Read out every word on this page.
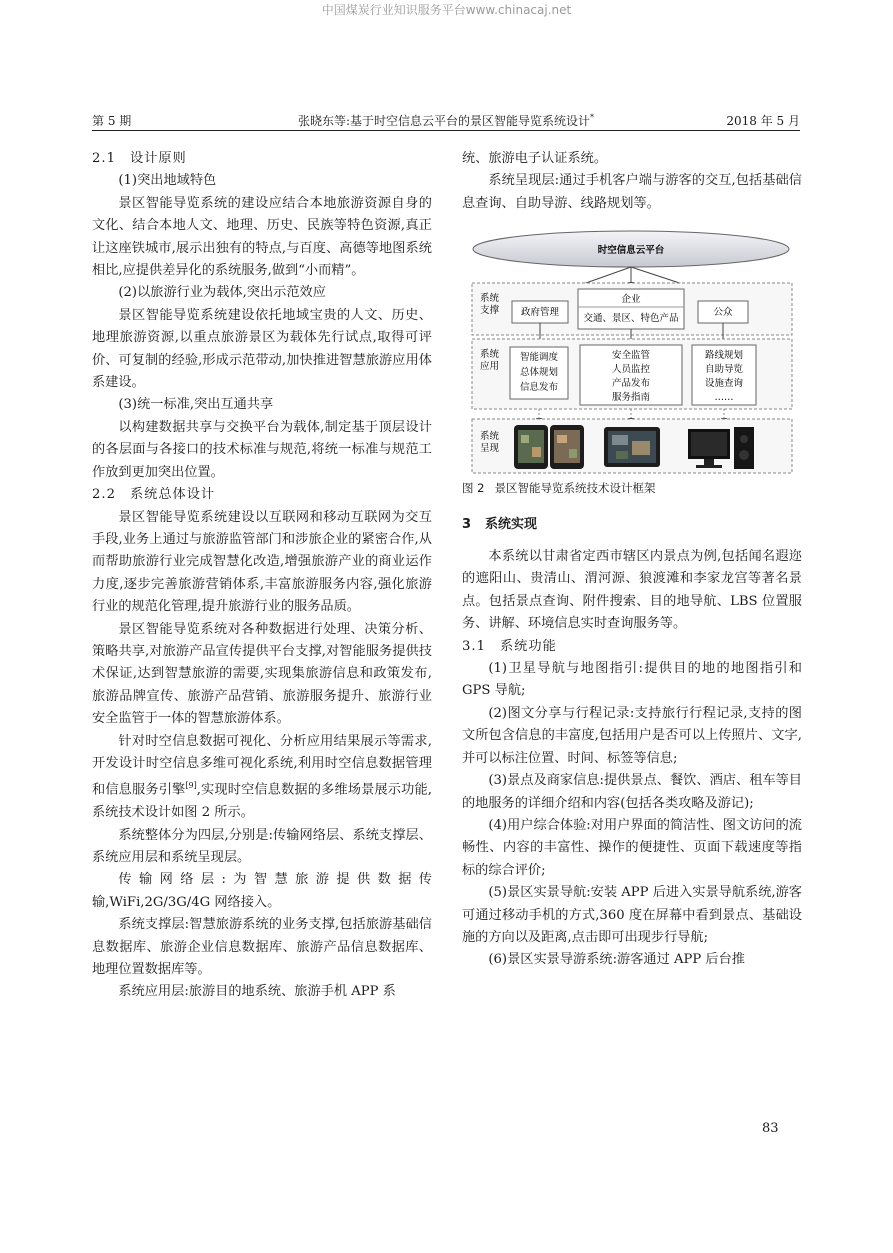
中国煤炭行业知识服务平台www.chinacaj.net
第 5 期	张晓东等:基于时空信息云平台的景区智能导览系统设计*	2018 年 5 月

2.1 设计原则

(1)突出地域特色

景区智能导览系统的建设应结合本地旅游资源自身的文化、结合本地人文、地理、历史、民族等特色资源,真正让这座铁城市,展示出独有的特点,与百度、高德等地图系统相比,应提供差异化的系统服务,做到“小而精”。

(2)以旅游行业为载体,突出示范效应

景区智能导览系统建设依托地域宝贵的人文、历史、地理旅游资源,以重点旅游景区为载体先行试点,取得可评价、可复制的经验,形成示范带动,加快推进智慧旅游应用体系建设。

(3)统一标准,突出互通共享

以构建数据共享与交换平台为载体,制定基于顶层设计的各层面与各接口的技术标准与规范,将统一标准与规范工作放到更加突出位置。

2.2 系统总体设计

景区智能导览系统建设以互联网和移动互联网为交互手段,业务上通过与旅游监管部门和涉旅企业的紧密合作,从而帮助旅游行业完成智慧化改造,增强旅游产业的商业运作力度,逐步完善旅游营销体系,丰富旅游服务内容,强化旅游行业的规范化管理,提升旅游行业的服务品质。

景区智能导览系统对各种数据进行处理、决策分析、策略共享,对旅游产品宣传提供平台支撑,对智能服务提供技术保证,达到智慧旅游的需要,实现集旅游信息和政策发布,旅游品牌宣传、旅游产品营销、旅游服务提升、旅游行业安全监管于一体的智慧旅游体系。

针对时空信息数据可视化、分析应用结果展示等需求,开发设计时空信息多维可视化系统,利用时空信息数据管理和信息服务引擎[9],实现时空信息数据的多维场景展示功能,系统技术设计如图 2 所示。

系统整体分为四层,分别是:传输网络层、系统支撑层、系统应用层和系统呈现层。

传输网络层:为智慧旅游提供数据传输,WiFi,2G/3G/4G 网络接入。

系统支撑层:智慧旅游系统的业务支撑,包括旅游基础信息数据库、旅游企业信息数据库、旅游产品信息数据库、地理位置数据库等。

系统应用层:旅游目的地系统、旅游手机 APP 系

统、旅游电子认证系统。

系统呈现层:通过手机客户端与游客的交互,包括基础信息查询、自助导游、线路规划等。

时空信息云平台
系统
支撑 政府管理
企业
交通、景区、特色产品
公众
系统
应用
智能调度
总体规划
信息发布
安全监管
人员监控
产品发布
服务指南
路线规划
自助导览
设施查询
……
系统
呈现

图 2 景区智能导览系统技术设计框架

3 系统实现

本系统以甘肃省定西市辖区内景点为例,包括闻名遐迩的遮阳山、贵清山、渭河源、狼渡滩和李家龙宫等著名景点。包括景点查询、附件搜索、目的地导航、LBS 位置服务、讲解、环境信息实时查询服务等。

3.1 系统功能

(1)卫星导航与地图指引:提供目的地的地图指引和 GPS 导航;

(2)图文分享与行程记录:支持旅行行程记录,支持的图文所包含信息的丰富度,包括用户是否可以上传照片、文字,并可以标注位置、时间、标签等信息;

(3)景点及商家信息:提供景点、餐饮、酒店、租车等目的地服务的详细介绍和内容(包括各类攻略及游记);

(4)用户综合体验:对用户界面的简洁性、图文访问的流畅性、内容的丰富性、操作的便捷性、页面下载速度等指标的综合评价;

(5)景区实景导航:安装 APP 后进入实景导航系统,游客可通过移动手机的方式,360 度在屏幕中看到景点、基础设施的方向以及距离,点击即可出现步行导航;

(6)景区实景导游系统:游客通过 APP 后台推

83
